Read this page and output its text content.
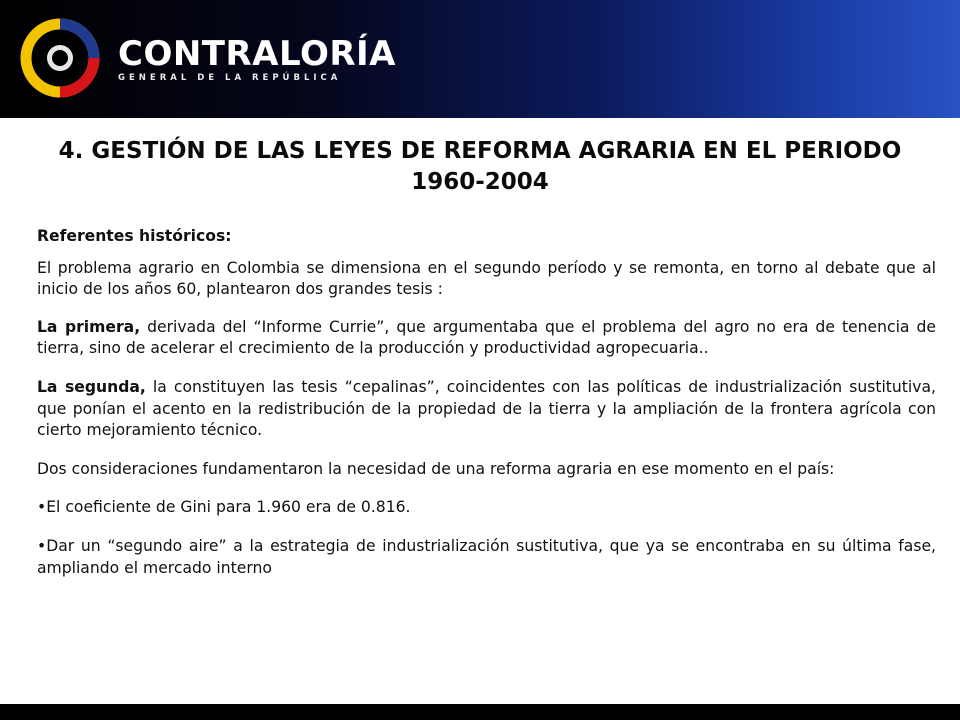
CONTRALORÍA
GENERAL DE LA REPÚBLICA
4. GESTIÓN DE LAS LEYES DE REFORMA AGRARIA EN EL PERIODO 1960-2004

Referentes históricos:

El problema agrario en Colombia se dimensiona en el segundo período y se remonta, en torno al debate que al inicio de los años 60, plantearon dos grandes tesis :

La primera, derivada del “Informe Currie”, que argumentaba que el problema del agro no era de tenencia de tierra, sino de acelerar el crecimiento de la producción y productividad agropecuaria..

La segunda, la constituyen las tesis “cepalinas”, coincidentes con las políticas de industrialización sustitutiva, que ponían el acento en la redistribución de la propiedad de la tierra y la ampliación de la frontera agrícola con cierto mejoramiento técnico.

Dos consideraciones fundamentaron la necesidad de una reforma agraria en ese momento en el país:

•El coeficiente de Gini para 1.960 era de 0.816.

•Dar un “segundo aire” a la estrategia de industrialización sustitutiva, que ya se encontraba en su última fase, ampliando el mercado interno
